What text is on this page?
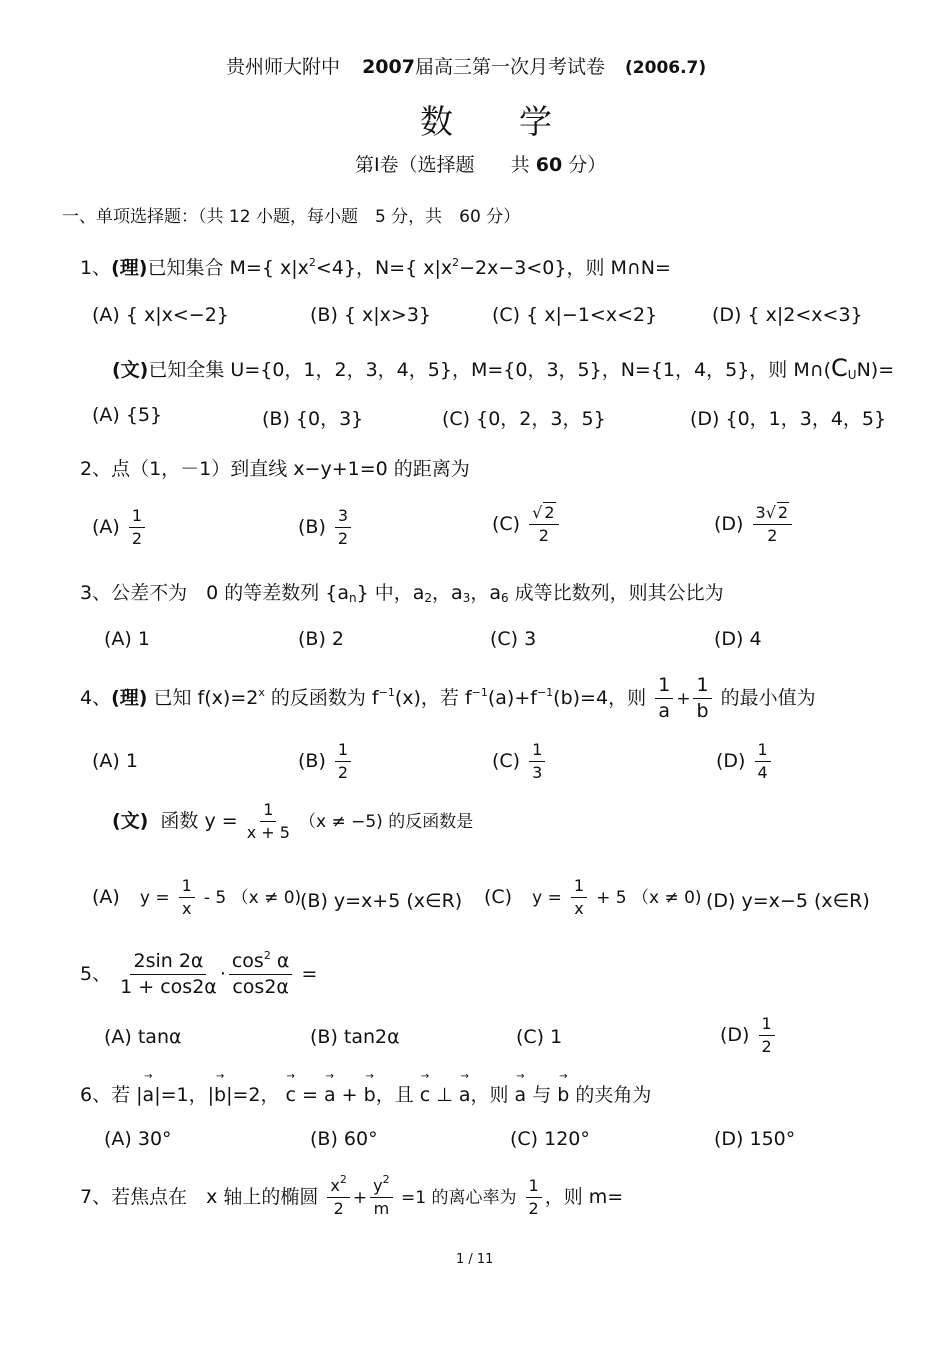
贵州师大附中 2007届高三第一次月考试卷 (2006.7)
数　　学
第Ⅰ卷（选择题 共 60 分）
一、单项选择题：（共 12 小题，每小题　5 分，共　60 分）
1、(理)已知集合 M={ $x|x^2<4$}，N={ $x|x^2-2x-3<0$}，则 M∩N=
(A) { x|x<−2}	(B) { x|x>3}	(C) { x|−1<x<2}	(D) { x|2<x<3}
(文)已知全集 U={0，1，2，3，4，5}，M={0，3，5}，N={1，4，5}，则 $M\cap(C_UN)=$
(A) {5}	(B) {0，3}	(C) {0，2，3，5}	(D) {0，1，3，4，5}
2、点（1，－1）到直线 x−y+1=0 的距离为
$(A) \frac{1}{2}$	$(B) \frac{3}{2}$	$(C) \frac{√ 2}{2}$	$(D) \frac{3√ 2}{2}$
3、公差不为　0 的等差数列 $\{a_n\}$ 中，$a_2$，$a_3$，$a_6$ 成等比数列，则其公比为
(A) 1	(B) 2	(C) 3	(D) 4
4、(理) 已知 $f(x)=2^x$ 的反函数为 $f^{-1}(x)$，若 $f^{-1}(a)+f^{-1}(b)=4$，则 $\frac{1}{a} + \frac{1}{b}$ 的最小值为
(A) 1	$(B) \frac{1}{2}$	$(C) \frac{1}{3}$	$(D) \frac{1}{4}$
(文) 函数 $y = \frac{1}{x + 5} (x \ne -5)$ 的反函数是
(A) $y = \frac{1}{x} - 5$ （x ≠ 0)
(B) y=x+5 (x∈R) (C) $y = \frac{1}{x} + 5$ （x ≠ 0) (D) y=x−5 (x∈R)
5、 $\frac{2\sin 2\alpha}{1 + \cos 2\alpha} \cdot \frac{\cos^2 \alpha}{\cos 2\alpha}$ =
(A) tanα	(B) tan2α	(C) 1	$(D) \frac{1}{2}$
6、若 |→ a|=1，|→ b|=2， → c = → a + → b，且 → c ⊥ → a，则 → a 与 → b 的夹角为
(A) 30°	(B) 60°	(C) 120°	(D) 150°
7、若焦点在　x 轴上的椭圆 $\frac{x^2}{2} + \frac{y^2}{m} =1$ 的离心率为 $\frac{1}{2}$ ，则 m=
1 / 11
